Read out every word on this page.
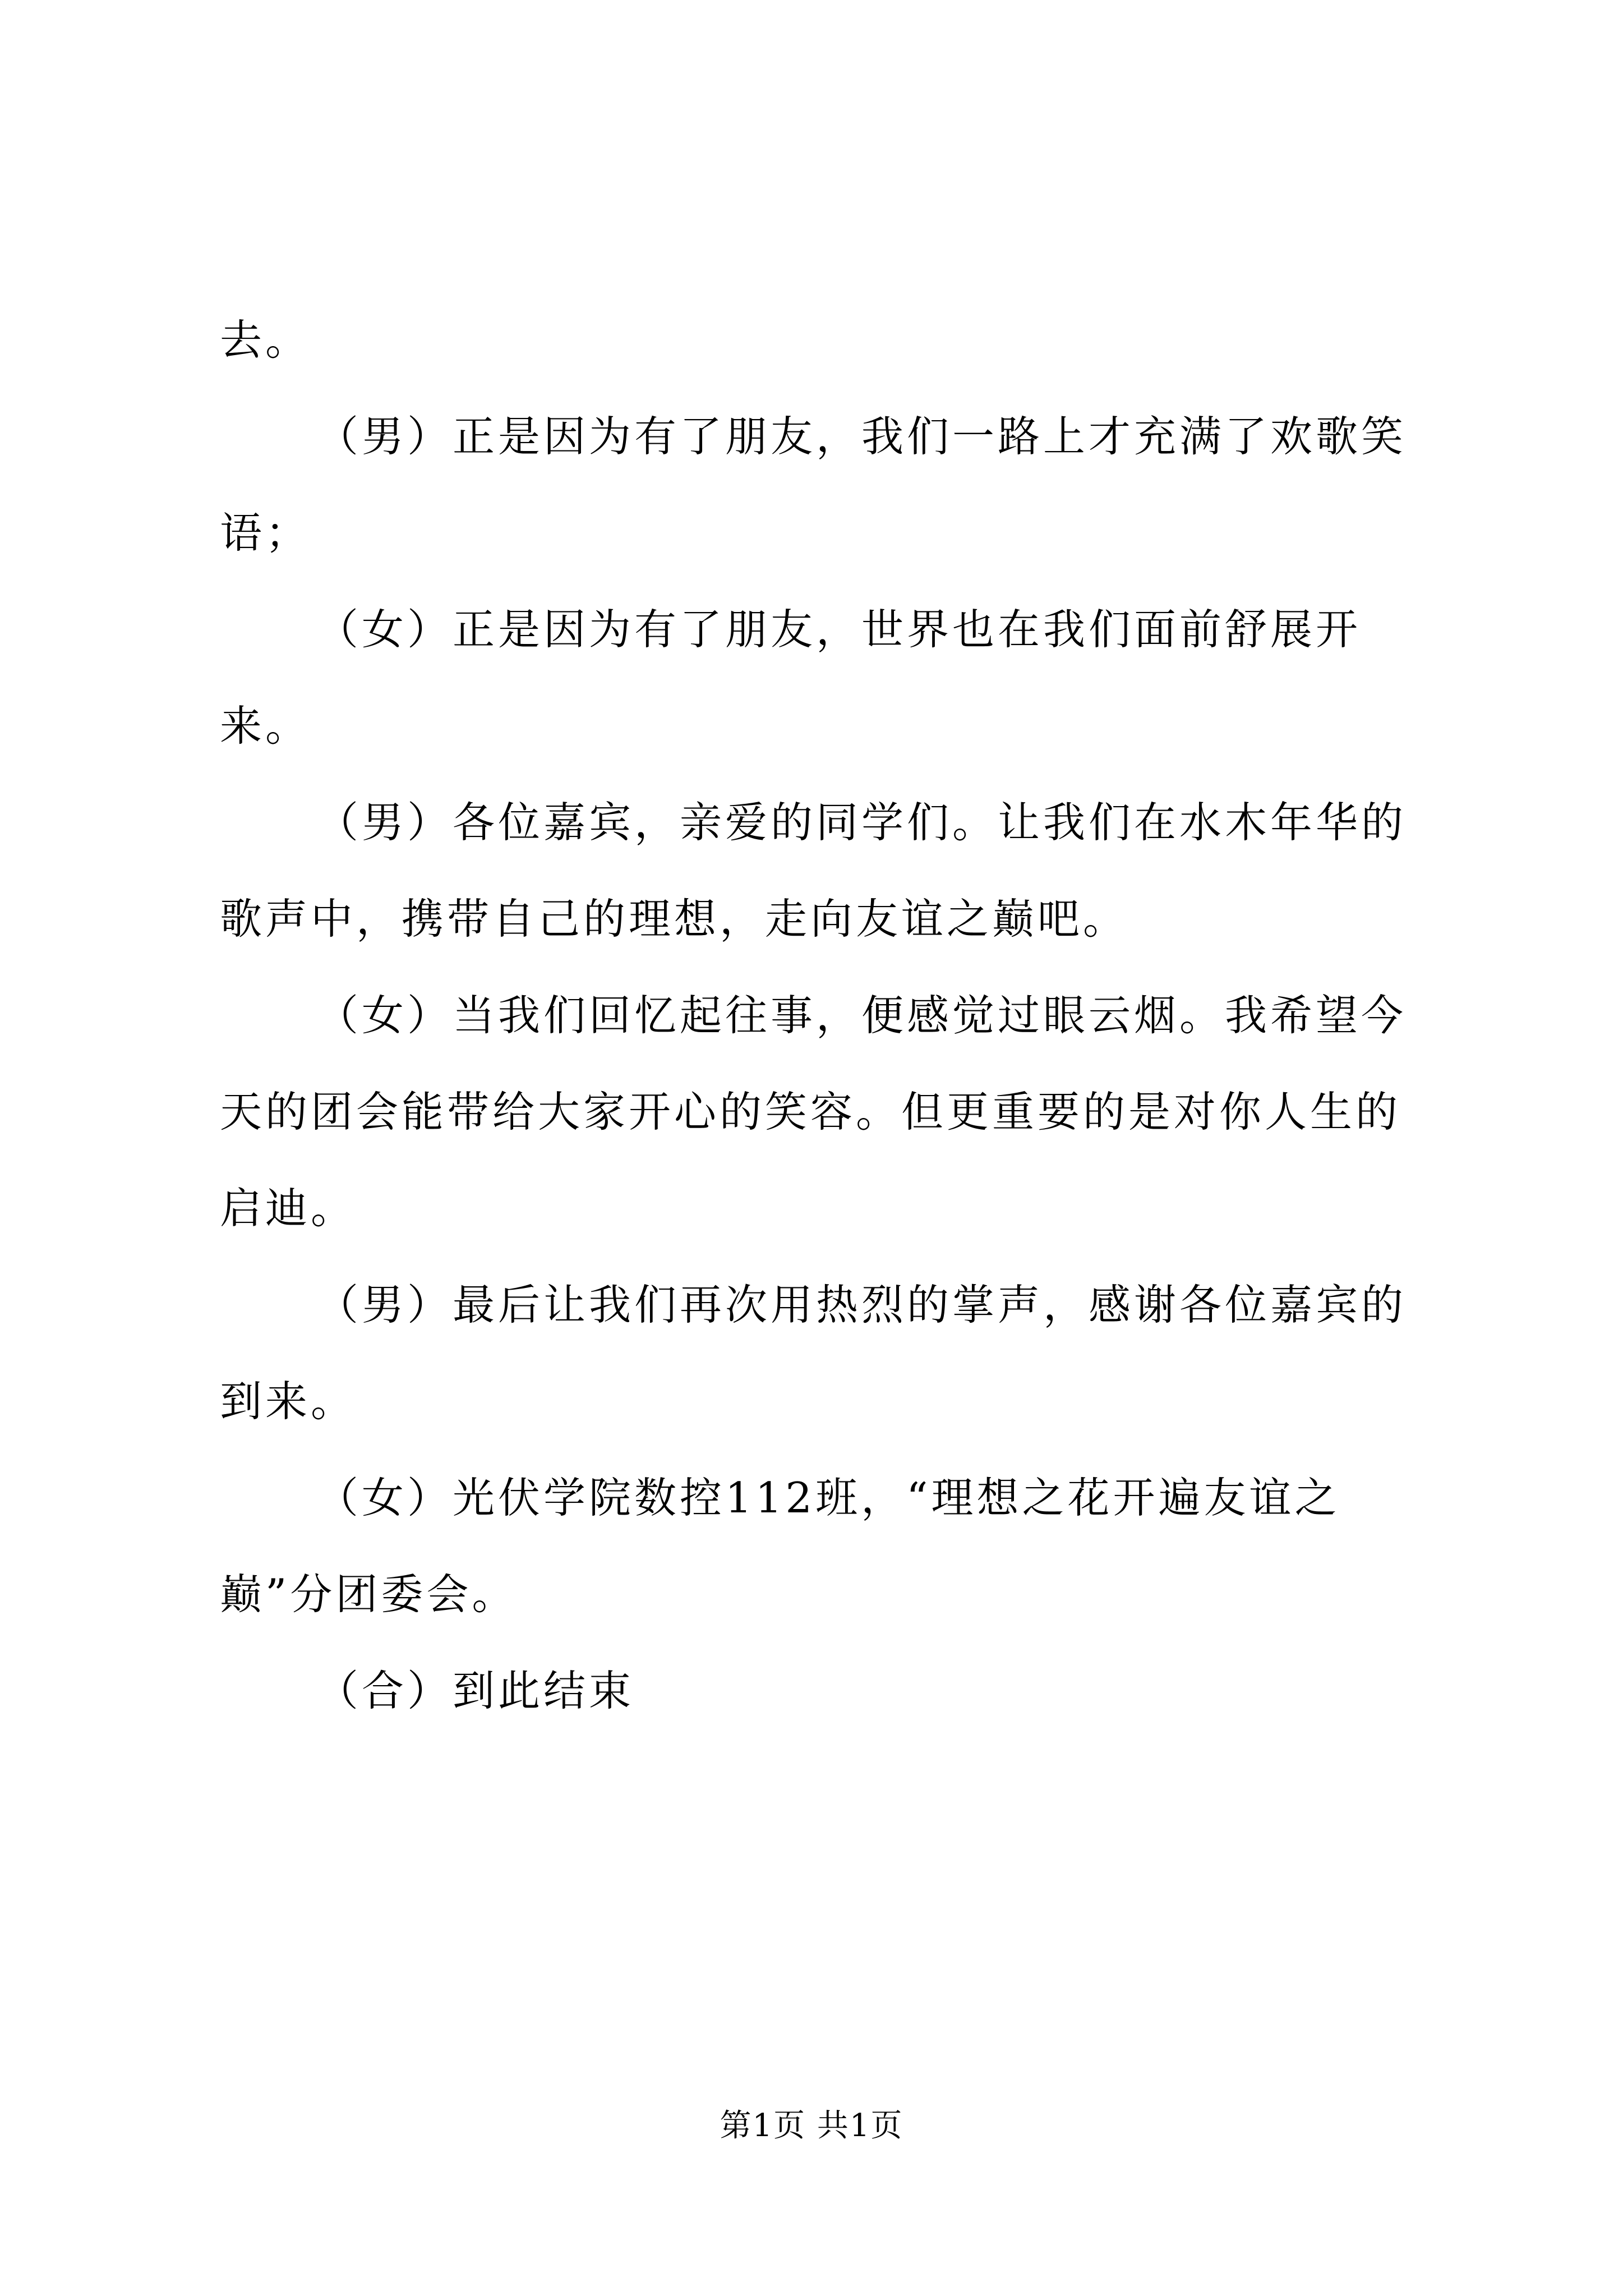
去。

（男）正是因为有了朋友，我们一路上才充满了欢歌笑语；

（女）正是因为有了朋友，世界也在我们面前舒展开来。

（男）各位嘉宾，亲爱的同学们。让我们在水木年华的歌声中，携带自己的理想，走向友谊之巅吧。

（女）当我们回忆起往事，便感觉过眼云烟。我希望今天的团会能带给大家开心的笑容。但更重要的是对你人生的启迪。

（男）最后让我们再次用热烈的掌声，感谢各位嘉宾的到来。

（女）光伏学院数控112班，“理想之花开遍友谊之巅”分团委会。

（合）到此结束

第1页 共1页
